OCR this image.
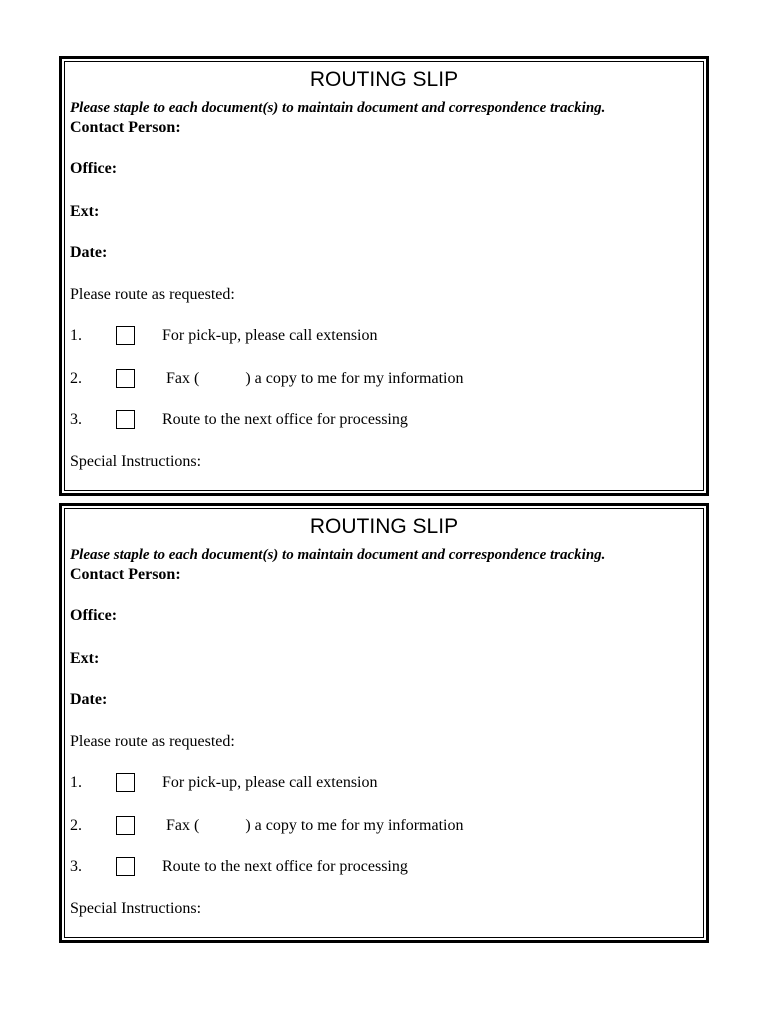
ROUTING SLIP
Please staple to each document(s) to maintain document and correspondence tracking.
Contact Person:
Office:
Ext:
Date:
Please route as requested:
1.	For pick-up, please call extension
2.	Fax (	) a copy to me for my information
3.	Route to the next office for processing
Special Instructions:
ROUTING SLIP
Please staple to each document(s) to maintain document and correspondence tracking.
Contact Person:
Office:
Ext:
Date:
Please route as requested:
1.	For pick-up, please call extension
2.	Fax (	) a copy to me for my information
3.	Route to the next office for processing
Special Instructions:
